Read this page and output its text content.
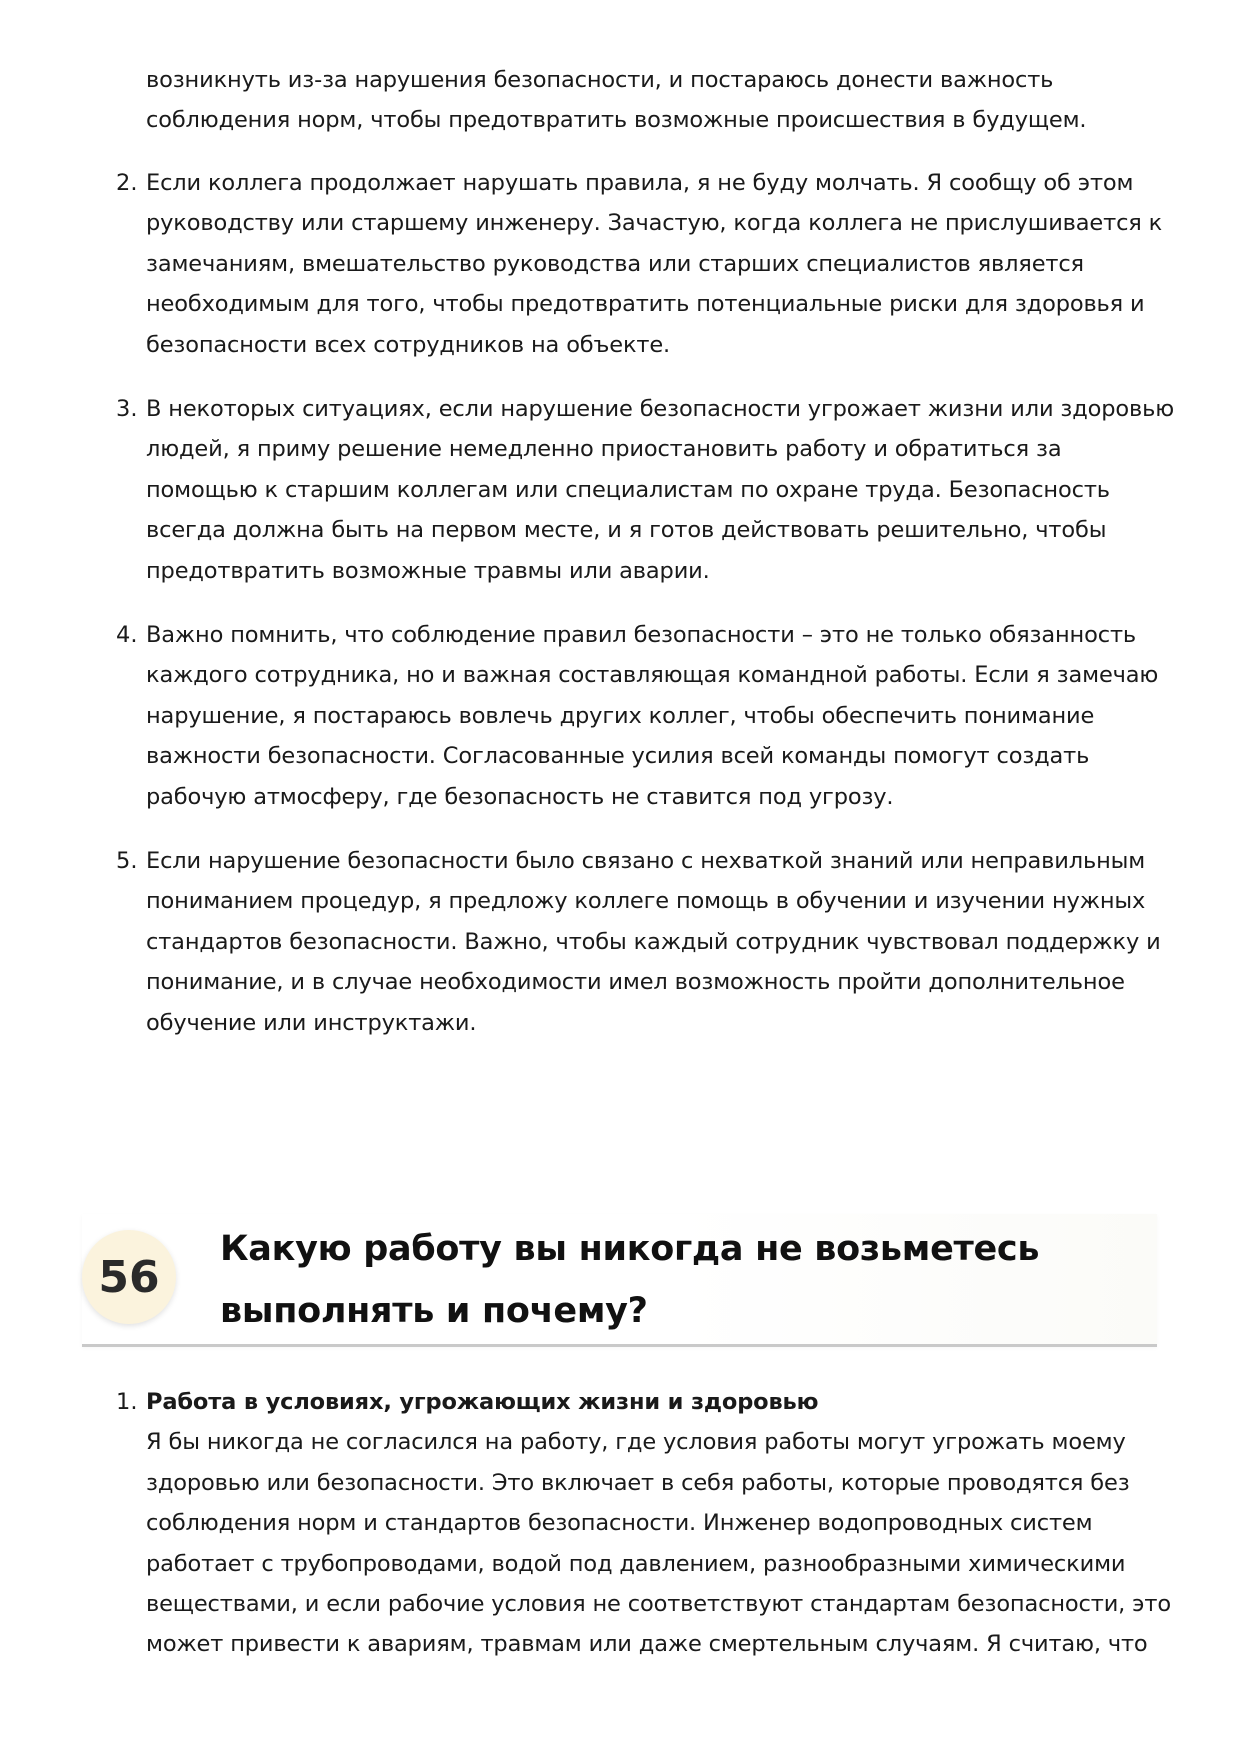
возникнуть из-за нарушения безопасности, и постараюсь донести важность
соблюдения норм, чтобы предотвратить возможные происшествия в будущем.

2. Если коллега продолжает нарушать правила, я не буду молчать. Я сообщу об этом
руководству или старшему инженеру. Зачастую, когда коллега не прислушивается к
замечаниям, вмешательство руководства или старших специалистов является
необходимым для того, чтобы предотвратить потенциальные риски для здоровья и
безопасности всех сотрудников на объекте.

3. В некоторых ситуациях, если нарушение безопасности угрожает жизни или здоровью
людей, я приму решение немедленно приостановить работу и обратиться за
помощью к старшим коллегам или специалистам по охране труда. Безопасность
всегда должна быть на первом месте, и я готов действовать решительно, чтобы
предотвратить возможные травмы или аварии.

4. Важно помнить, что соблюдение правил безопасности – это не только обязанность
каждого сотрудника, но и важная составляющая командной работы. Если я замечаю
нарушение, я постараюсь вовлечь других коллег, чтобы обеспечить понимание
важности безопасности. Согласованные усилия всей команды помогут создать
рабочую атмосферу, где безопасность не ставится под угрозу.

5. Если нарушение безопасности было связано с нехваткой знаний или неправильным
пониманием процедур, я предложу коллеге помощь в обучении и изучении нужных
стандартов безопасности. Важно, чтобы каждый сотрудник чувствовал поддержку и
понимание, и в случае необходимости имел возможность пройти дополнительное
обучение или инструктажи.

56
Какую работу вы никогда не возьметесь
выполнять и почему?
1. Работа в условиях, угрожающих жизни и здоровью
Я бы никогда не согласился на работу, где условия работы могут угрожать моему
здоровью или безопасности. Это включает в себя работы, которые проводятся без
соблюдения норм и стандартов безопасности. Инженер водопроводных систем
работает с трубопроводами, водой под давлением, разнообразными химическими
веществами, и если рабочие условия не соответствуют стандартам безопасности, это
может привести к авариям, травмам или даже смертельным случаям. Я считаю, что
